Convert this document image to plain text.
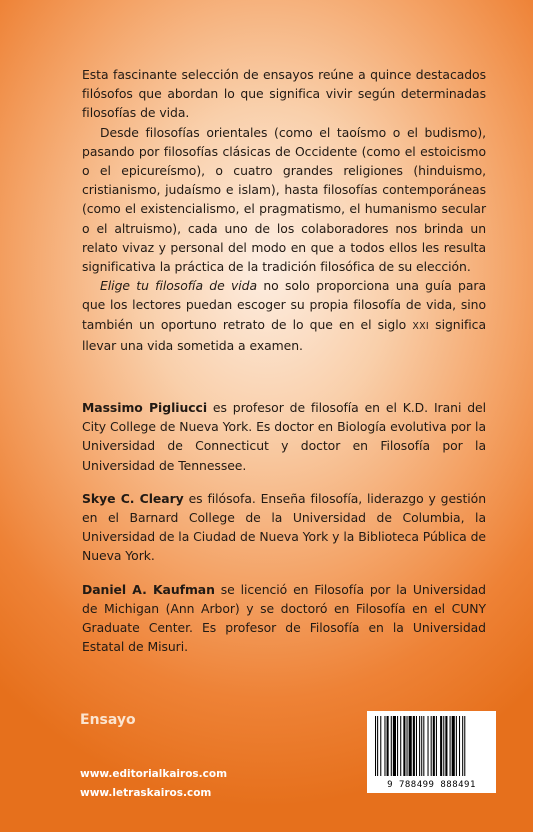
Esta fascinante selección de ensayos reúne a quince destacados filósofos que abordan lo que significa vivir según determinadas filosofías de vida.

Desde filosofías orientales (como el taoísmo o el budismo), pasando por filosofías clásicas de Occidente (como el estoicismo o el epicureísmo), o cuatro grandes religiones (hinduismo, cristianismo, judaísmo e islam), hasta filosofías contemporáneas (como el existencialismo, el pragmatismo, el humanismo secular o el altruismo), cada uno de los colaboradores nos brinda un relato vivaz y personal del modo en que a todos ellos les resulta significativa la práctica de la tradición filosófica de su elección.

Elige tu filosofía de vida no solo proporciona una guía para que los lectores puedan escoger su propia filosofía de vida, sino también un oportuno retrato de lo que en el siglo XXI significa llevar una vida sometida a examen.

Massimo Pigliucci es profesor de filosofía en el K.D. Irani del City College de Nueva York. Es doctor en Biología evolutiva por la Universidad de Connecticut y doctor en Filosofía por la Universidad de Tennessee.

Skye C. Cleary es filósofa. Enseña filosofía, liderazgo y gestión en el Barnard College de la Universidad de Columbia, la Universidad de la Ciudad de Nueva York y la Biblioteca Pública de Nueva York.

Daniel A. Kaufman se licenció en Filosofía por la Universidad de Michigan (Ann Arbor) y se doctoró en Filosofía en el CUNY Graduate Center. Es profesor de Filosofía en la Universidad Estatal de Misuri.

Ensayo
www.editorialkairos.com
www.letraskairos.com
9 788499 888491
